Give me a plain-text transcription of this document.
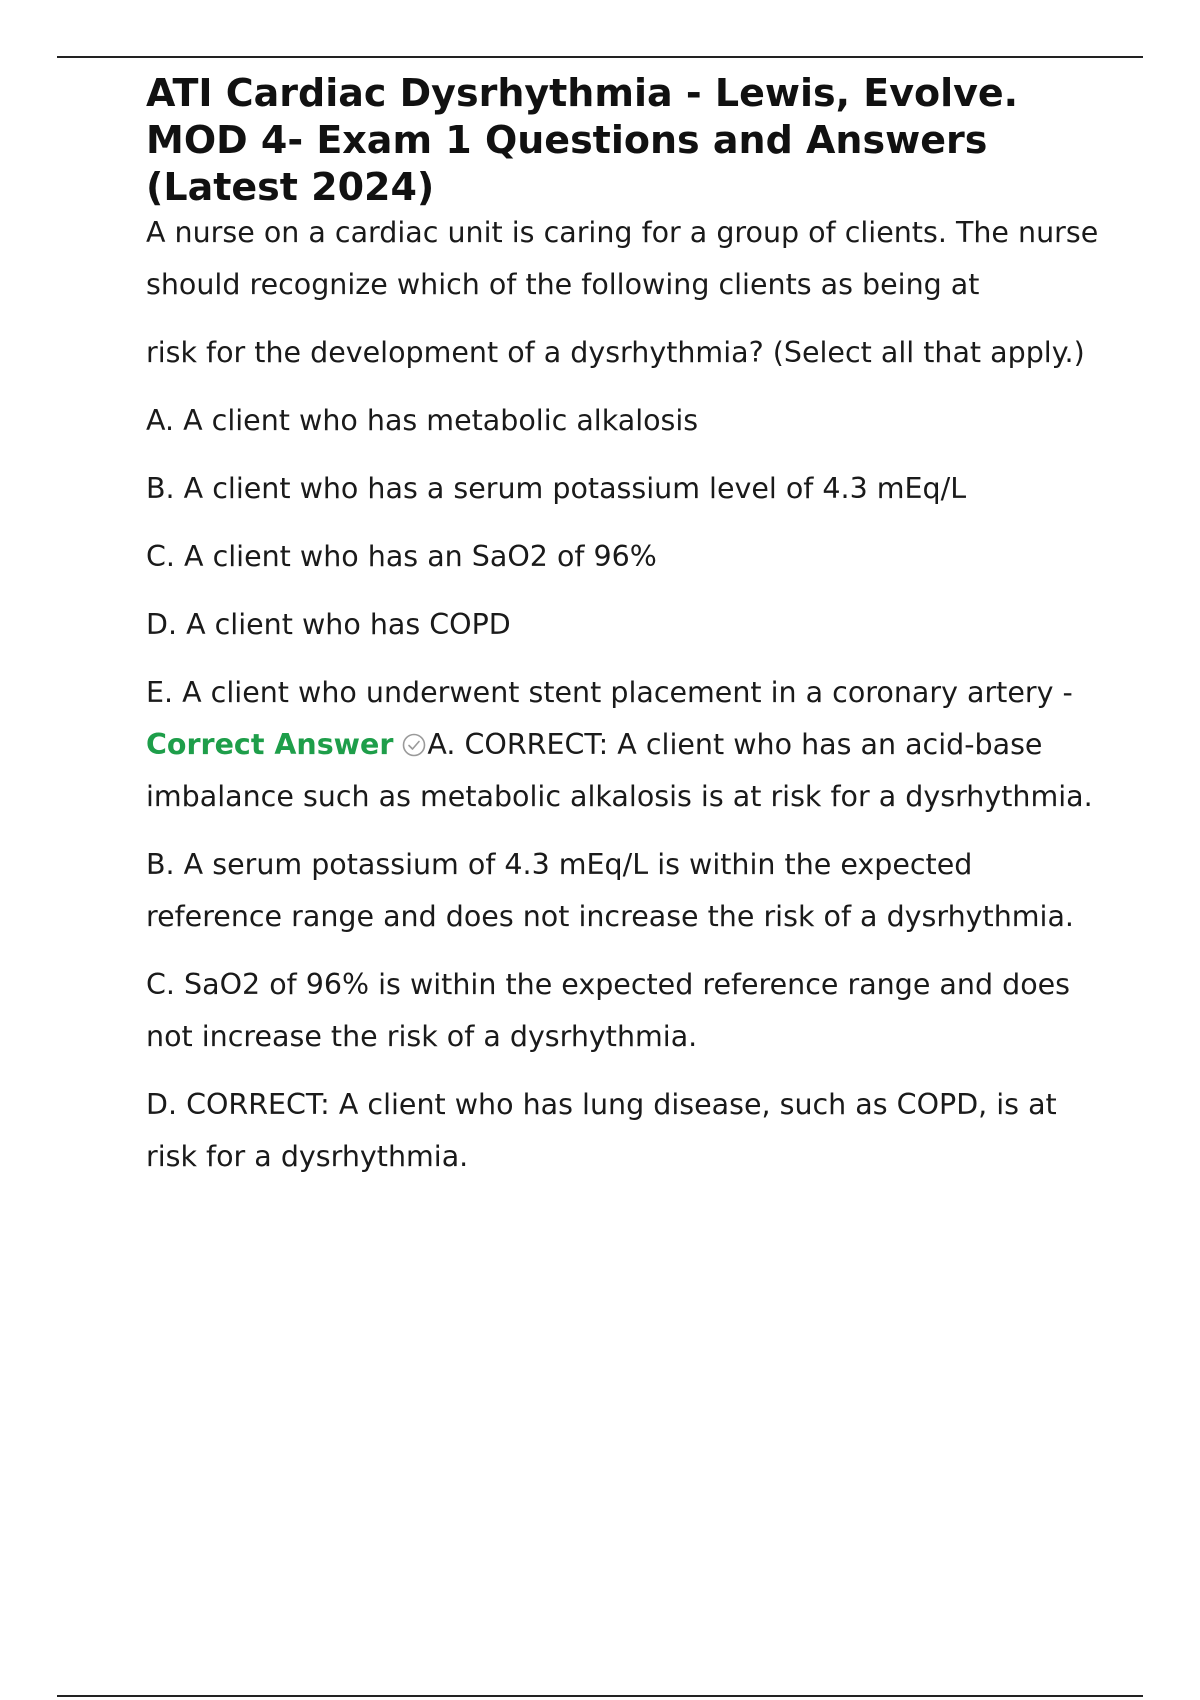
ATI Cardiac Dysrhythmia - Lewis, Evolve. MOD 4- Exam 1 Questions and Answers (Latest 2024)

A nurse on a cardiac unit is caring for a group of clients. The nurse should recognize which of the following clients as being at

risk for the development of a dysrhythmia? (Select all that apply.)

A. A client who has metabolic alkalosis

B. A client who has a serum potassium level of 4.3 mEq/L

C. A client who has an SaO2 of 96%

D. A client who has COPD

E. A client who underwent stent placement in a coronary artery - Correct Answer A. CORRECT: A client who has an acid-base imbalance such as metabolic alkalosis is at risk for a dysrhythmia.

B. A serum potassium of 4.3 mEq/L is within the expected reference range and does not increase the risk of a dysrhythmia.

C. SaO2 of 96% is within the expected reference range and does not increase the risk of a dysrhythmia.

D. CORRECT: A client who has lung disease, such as COPD, is at risk for a dysrhythmia.
